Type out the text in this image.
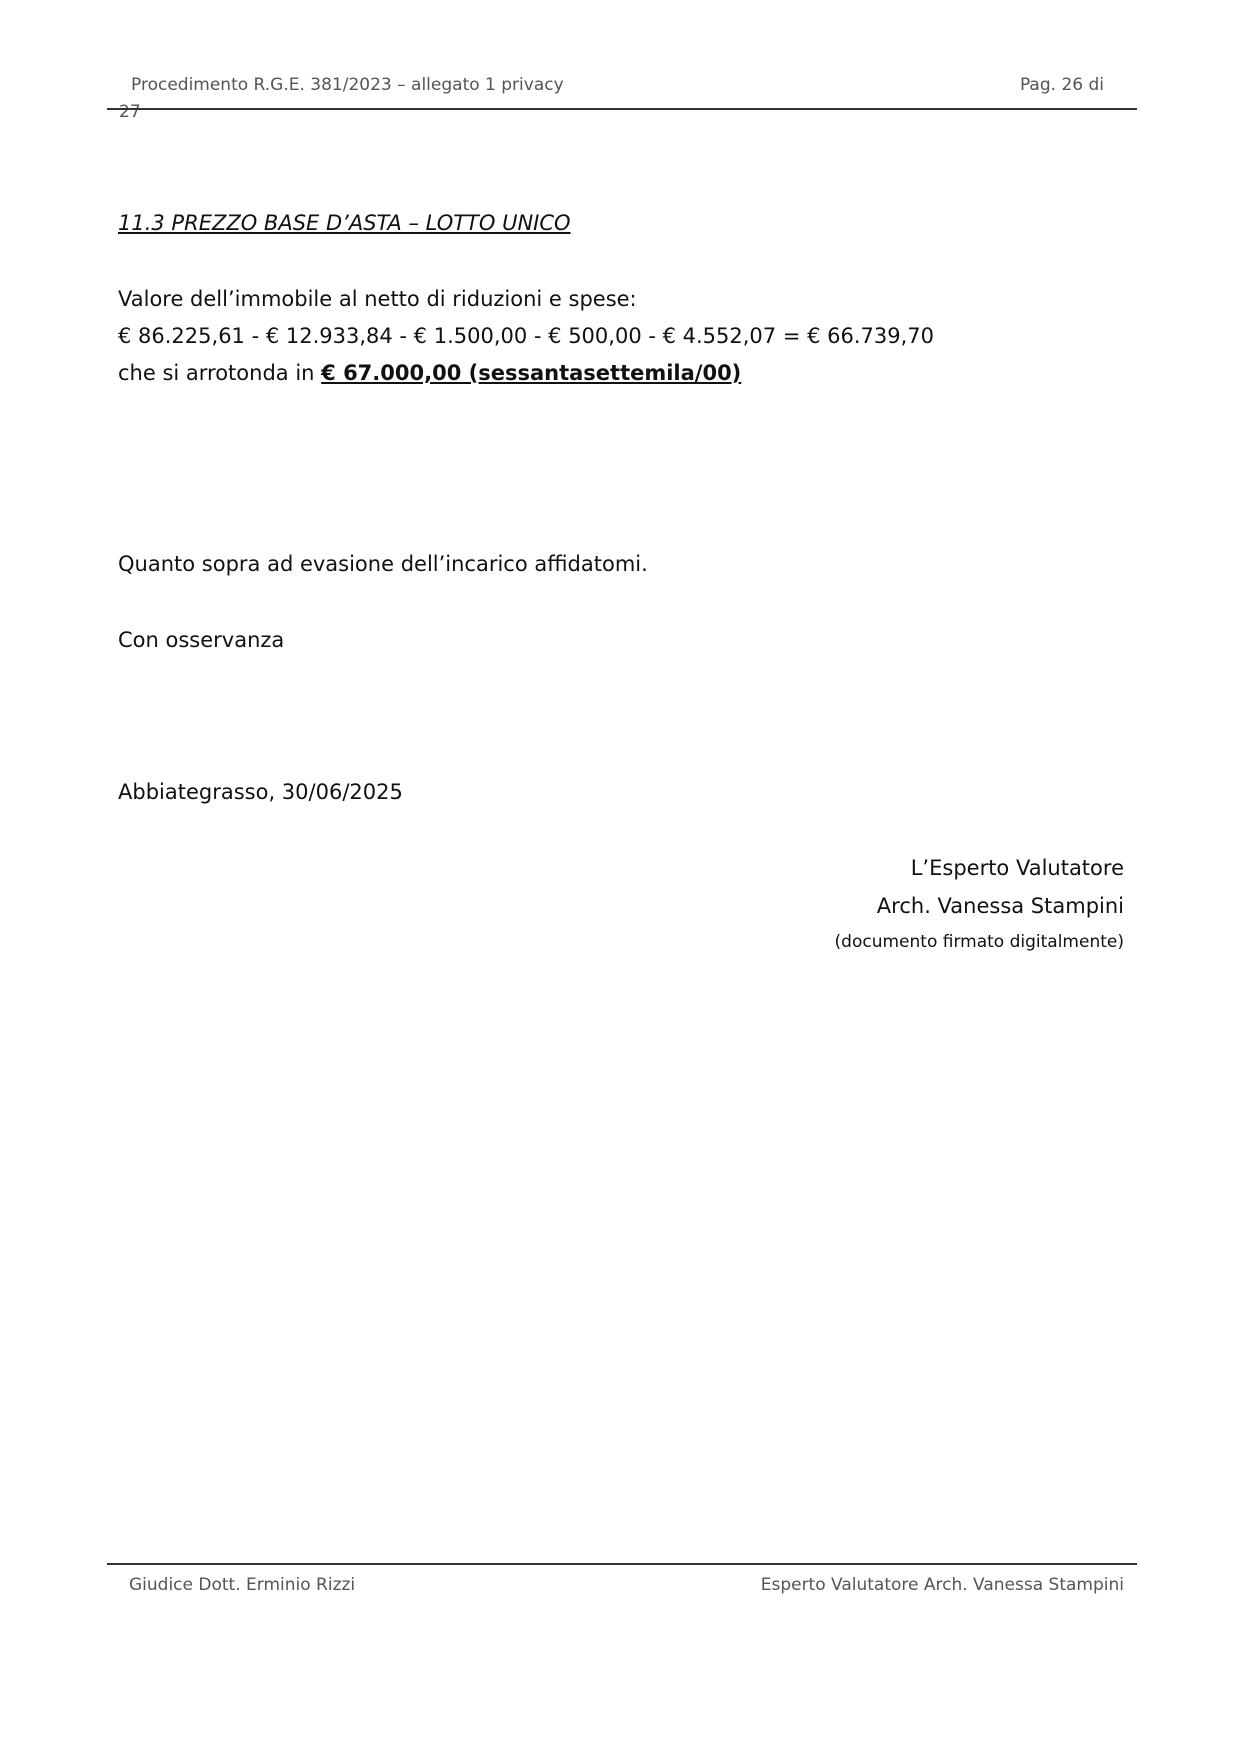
Procedimento R.G.E. 381/2023 – allegato 1 privacy	Pag. 26 di
27
11.3 PREZZO BASE D’ASTA – LOTTO UNICO
Valore dell’immobile al netto di riduzioni e spese:
€ 86.225,61 - € 12.933,84 - € 1.500,00 - € 500,00 - € 4.552,07 = € 66.739,70
che si arrotonda in € 67.000,00 (sessantasettemila/00)
Quanto sopra ad evasione dell’incarico affidatomi.
Con osservanza
Abbiategrasso, 30/06/2025
L’Esperto Valutatore
Arch. Vanessa Stampini
(documento firmato digitalmente)
Giudice Dott. Erminio Rizzi	Esperto Valutatore Arch. Vanessa Stampini
